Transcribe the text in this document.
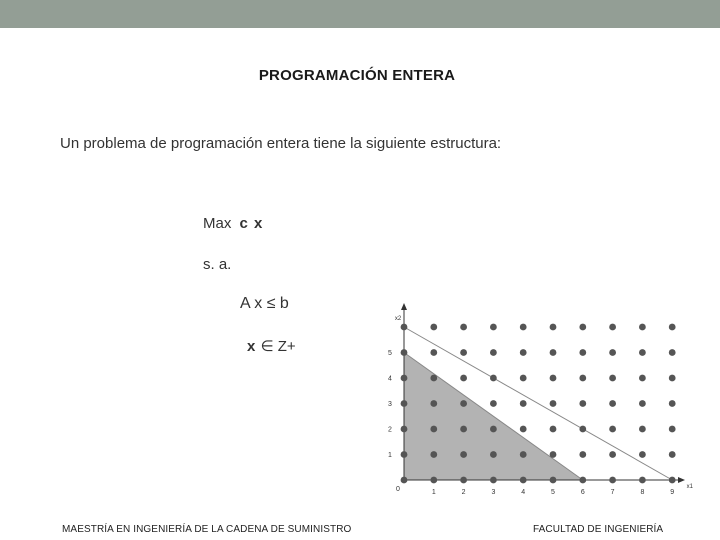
PROGRAMACIÓN ENTERA
Un problema de programación entera tiene la siguiente estructura:
Max c x
s. a.
A x ≤ b
x ∈ Z+
1	2	3	4	5	6	7	8	9
1
2
3
4
5
0	x1
x2
MAESTRÍA EN INGENIERÍA DE LA CADENA DE SUMINISTRO	FACULTAD DE INGENIERÍA
